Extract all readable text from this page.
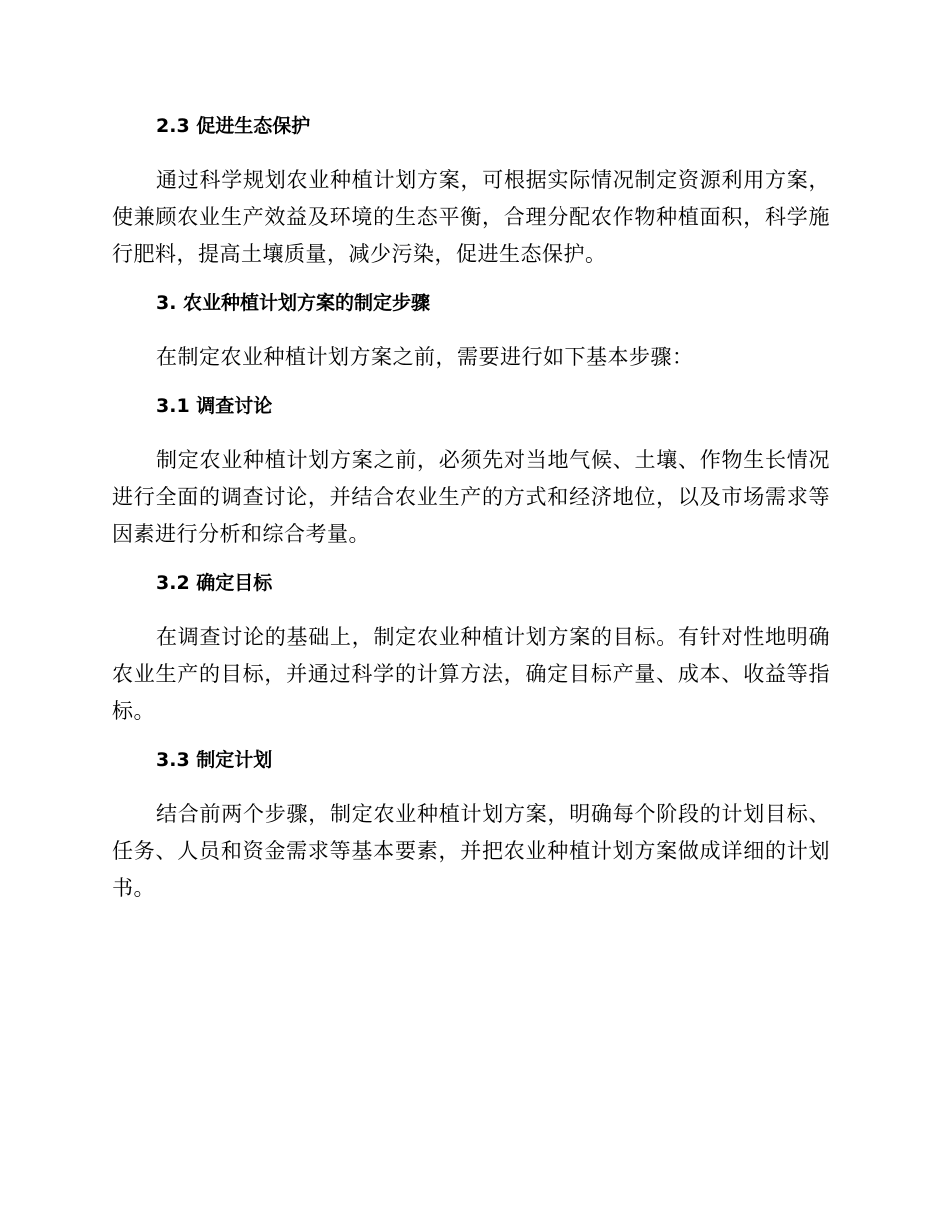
2.3 促进生态保护

通过科学规划农业种植计划方案，可根据实际情况制定资源利用方案，使兼顾农业生产效益及环境的生态平衡，合理分配农作物种植面积，科学施行肥料，提高土壤质量，减少污染，促进生态保护。

3. 农业种植计划方案的制定步骤

在制定农业种植计划方案之前，需要进行如下基本步骤：

3.1 调查讨论

制定农业种植计划方案之前，必须先对当地气候、土壤、作物生长情况进行全面的调查讨论，并结合农业生产的方式和经济地位，以及市场需求等因素进行分析和综合考量。

3.2 确定目标

在调查讨论的基础上，制定农业种植计划方案的目标。有针对性地明确农业生产的目标，并通过科学的计算方法，确定目标产量、成本、收益等指标。

3.3 制定计划

结合前两个步骤，制定农业种植计划方案，明确每个阶段的计划目标、任务、人员和资金需求等基本要素，并把农业种植计划方案做成详细的计划书。
